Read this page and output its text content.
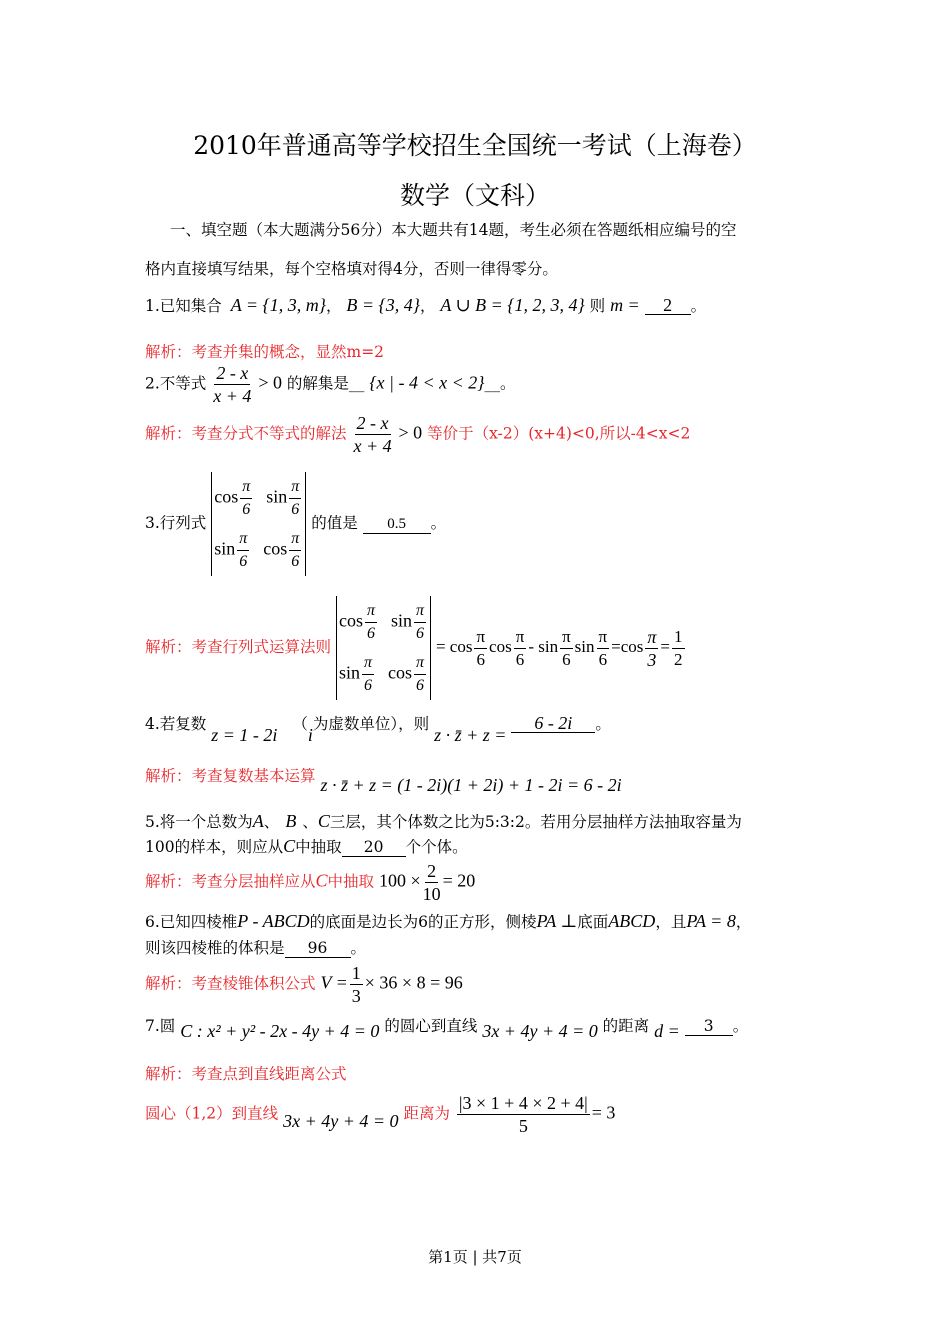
2010年普通高等学校招生全国统一考试（上海卷）
数学（文科）
一、填空题（本大题满分56分）本大题共有14题，考生必须在答题纸相应编号的空
格内直接填写结果，每个空格填对得4分，否则一律得零分。
1.已知集合 A = {1, 3, m}， B = {3, 4}， A ∪ B = {1, 2, 3, 4} 则 m = 2 。
解析：考查并集的概念，显然m=2
2.不等式 $\frac{2 - x}{x + 4} > 0$ 的解集是__ {x | - 4 < x < 2}__。
解析：考查分式不等式的解法 $\frac{2 - x}{x + 4} > 0$ 等价于（x-2）(x+4)<0,所以-4<x<2
3.行列式
$\cos \frac{\pi}{6}$ $\sin \frac{\pi}{6}$
$\sin \frac{\pi}{6}$ $\cos \frac{\pi}{6}$
的值是 0.5 。
解析：考查行列式运算法则
$\cos \frac{\pi}{6}$ $\sin \frac{\pi}{6}$
$\sin \frac{\pi}{6}$ $\cos \frac{\pi}{6}$
= $\cos \frac{\pi}{6}$ $\cos \frac{\pi}{6}$ - $\sin \frac{\pi}{6}$ $\sin \frac{\pi}{6} =\cos \frac{\pi}{3} = \frac{1}{2}$
4.若复数 z = 1 - 2i （i为虚数单位），则 z · z̄ + z = 6 - 2i 。
解析：考查复数基本运算 z · z̄ + z = (1 - 2i)(1 + 2i) + 1 - 2i = 6 - 2i
5.将一个总数为A、 B 、C三层，其个体数之比为5:3:2。若用分层抽样方法抽取容量为
100的样本，则应从C中抽取 20 个个体。
解析：考查分层抽样应从C中抽取 $100 \times \frac{2}{10} = 20$
6.已知四棱椎P - ABCD的底面是边长为6的正方形，侧棱PA ⊥底面ABCD，且PA = 8，
则该四棱椎的体积是 96 。
解析：考查棱锥体积公式 $V = \frac{1}{3} \times 36 \times 8 = 96$
7.圆 C : x² + y² - 2x - 4y + 4 = 0 的圆心到直线 3x + 4y + 4 = 0 的距离 d = 3 。
解析：考查点到直线距离公式
圆心（1,2）到直线 3x + 4y + 4 = 0 距离为 $\frac{|3 \times 1 + 4 \times 2 + 4|}{5} = 3$
第1页 | 共7页
